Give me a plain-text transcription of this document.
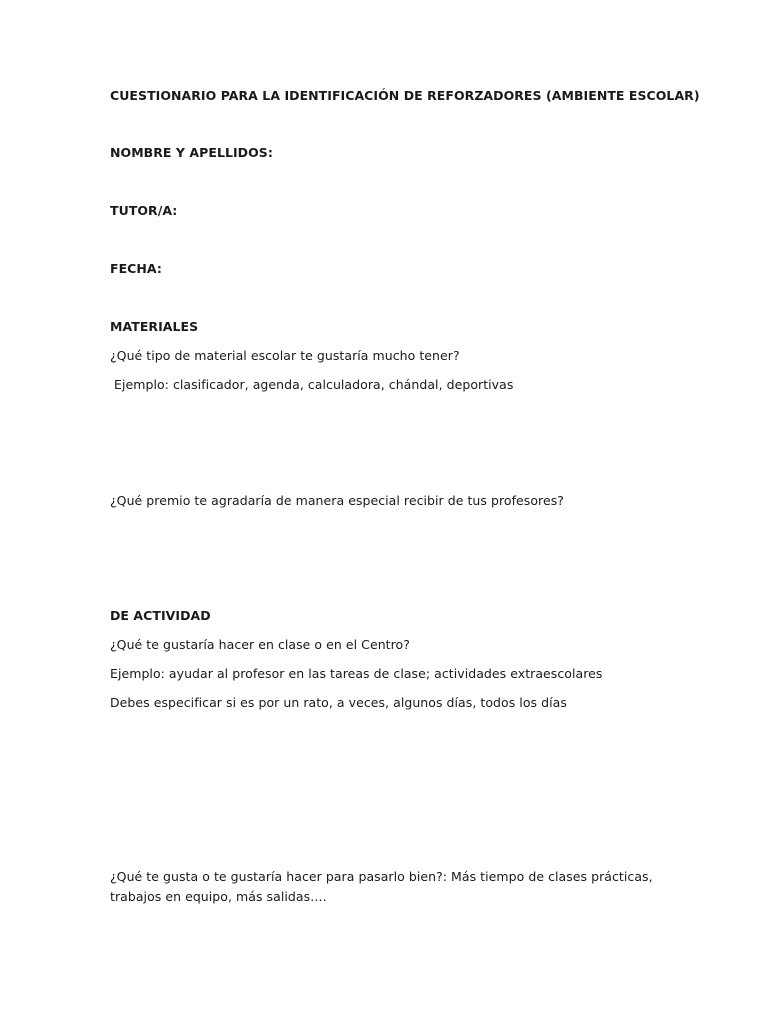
CUESTIONARIO PARA LA IDENTIFICACIÓN DE REFORZADORES (AMBIENTE ESCOLAR)
NOMBRE Y APELLIDOS:
TUTOR/A:
FECHA:
MATERIALES
¿Qué tipo de material escolar te gustaría mucho tener?
Ejemplo: clasificador, agenda, calculadora, chándal, deportivas
¿Qué premio te agradaría de manera especial recibir de tus profesores?
DE ACTIVIDAD
¿Qué te gustaría hacer en clase o en el Centro?
Ejemplo: ayudar al profesor en las tareas de clase; actividades extraescolares
Debes especificar si es por un rato, a veces, algunos días, todos los días
¿Qué te gusta o te gustaría hacer para pasarlo bien?: Más tiempo de clases prácticas,
trabajos en equipo, más salidas….
